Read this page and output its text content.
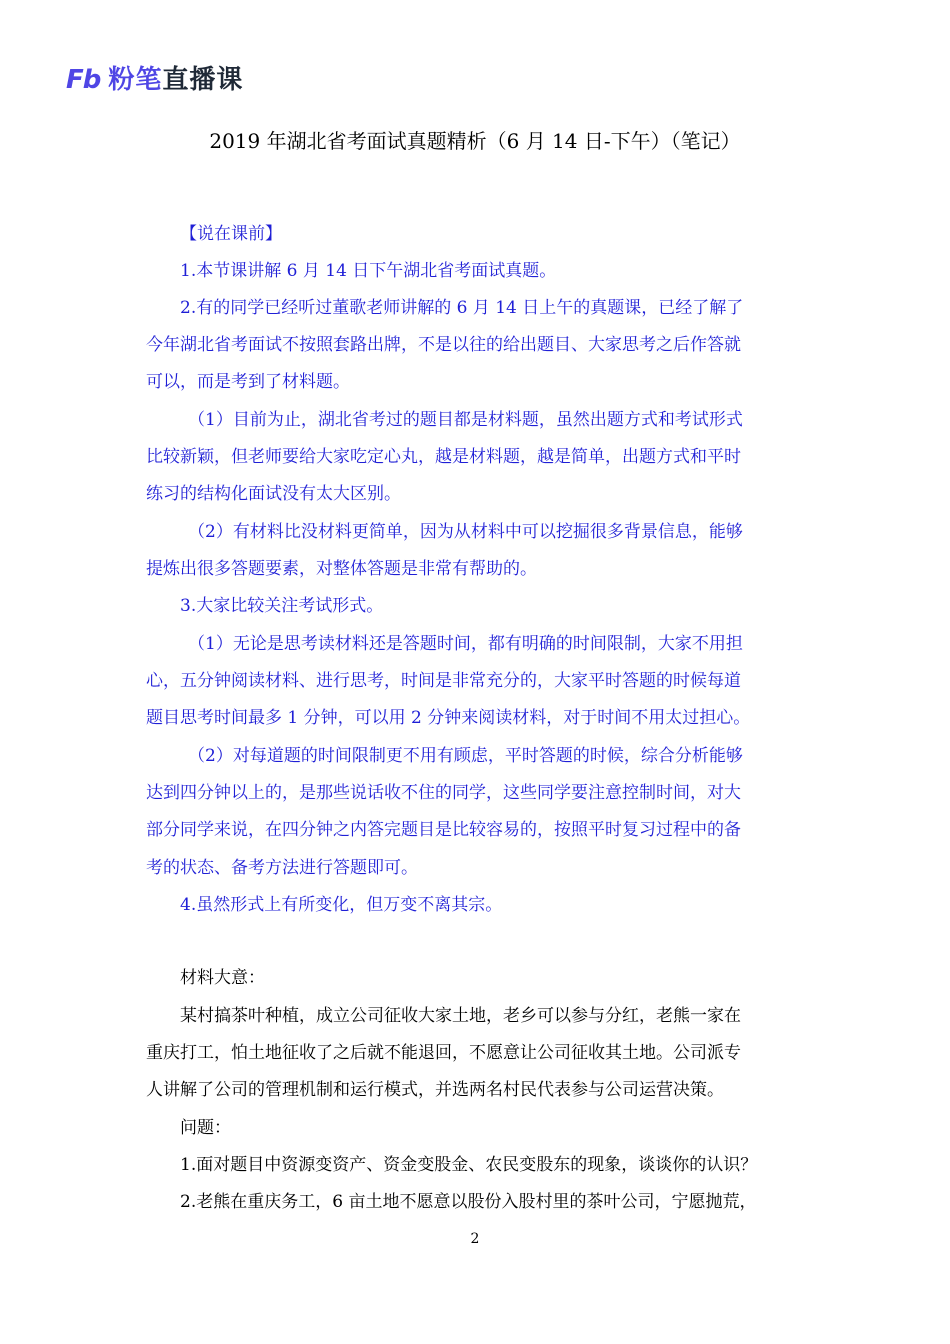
Fb 粉笔直播课
2019 年湖北省考面试真题精析（6 月 14 日-下午）（笔记）
【说在课前】
1.本节课讲解 6 月 14 日下午湖北省考面试真题。
2.有的同学已经听过董歌老师讲解的 6 月 14 日上午的真题课，已经了解了
今年湖北省考面试不按照套路出牌，不是以往的给出题目、大家思考之后作答就
可以，而是考到了材料题。
（1）目前为止，湖北省考过的题目都是材料题，虽然出题方式和考试形式
比较新颖，但老师要给大家吃定心丸，越是材料题，越是简单，出题方式和平时
练习的结构化面试没有太大区别。
（2）有材料比没材料更简单，因为从材料中可以挖掘很多背景信息，能够
提炼出很多答题要素，对整体答题是非常有帮助的。
3.大家比较关注考试形式。
（1）无论是思考读材料还是答题时间，都有明确的时间限制，大家不用担
心，五分钟阅读材料、进行思考，时间是非常充分的，大家平时答题的时候每道
题目思考时间最多 1 分钟，可以用 2 分钟来阅读材料，对于时间不用太过担心。
（2）对每道题的时间限制更不用有顾虑，平时答题的时候，综合分析能够
达到四分钟以上的，是那些说话收不住的同学，这些同学要注意控制时间，对大
部分同学来说，在四分钟之内答完题目是比较容易的，按照平时复习过程中的备
考的状态、备考方法进行答题即可。
4.虽然形式上有所变化，但万变不离其宗。
材料大意：
某村搞茶叶种植，成立公司征收大家土地，老乡可以参与分红，老熊一家在
重庆打工，怕土地征收了之后就不能退回，不愿意让公司征收其土地。公司派专
人讲解了公司的管理机制和运行模式，并选两名村民代表参与公司运营决策。
问题：
1.面对题目中资源变资产、资金变股金、农民变股东的现象，谈谈你的认识？
2.老熊在重庆务工，6 亩土地不愿意以股份入股村里的茶叶公司，宁愿抛荒，
2
